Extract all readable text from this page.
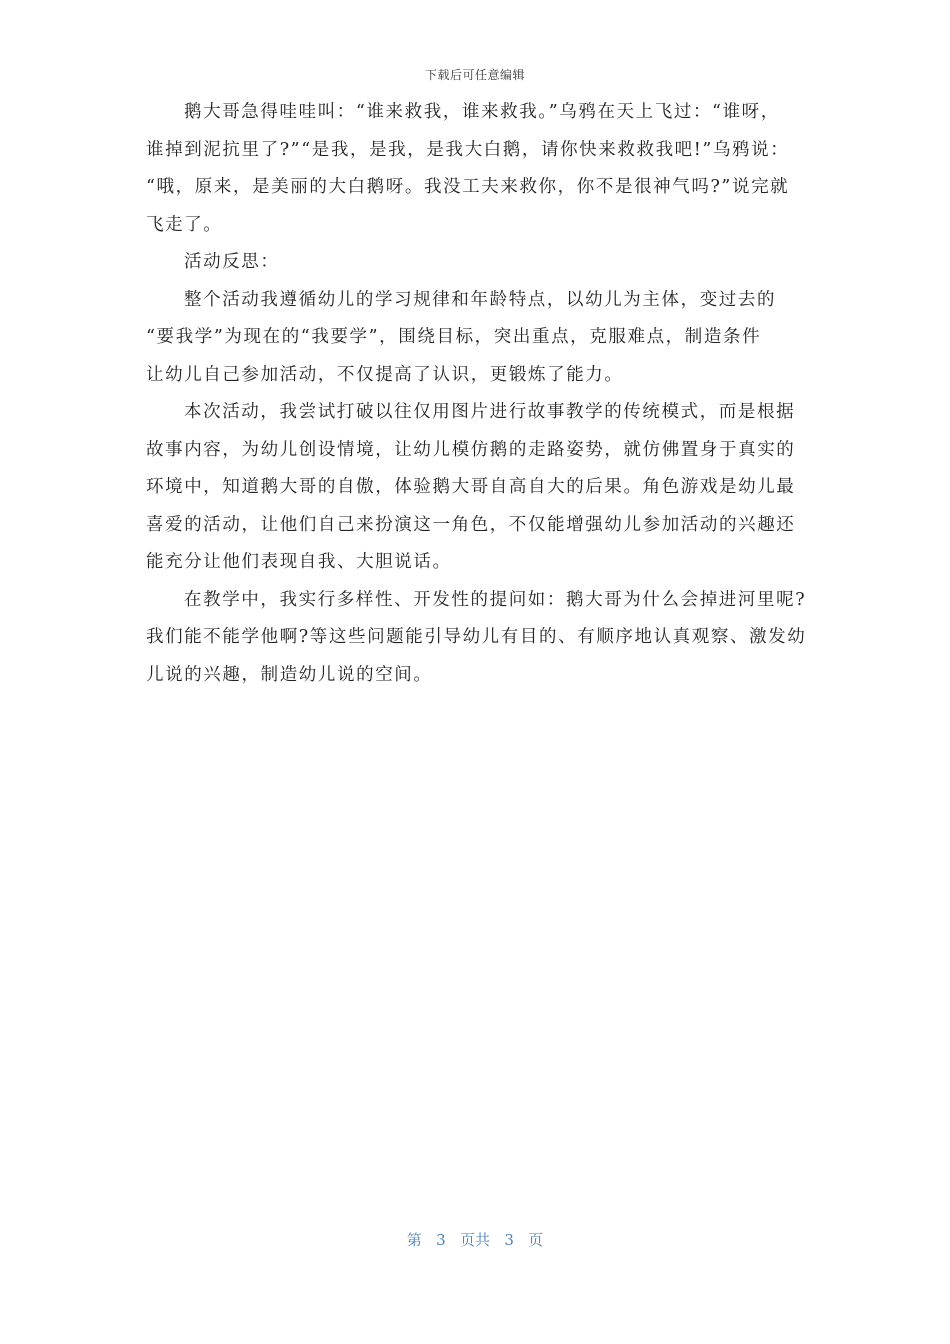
下载后可任意编辑

鹅大哥急得哇哇叫：“谁来救我，谁来救我。”乌鸦在天上飞过：“谁呀，
谁掉到泥抗里了?”“是我，是我，是我大白鹅，请你快来救救我吧!”乌鸦说：
“哦，原来，是美丽的大白鹅呀。我没工夫来救你，你不是很神气吗?”说完就
飞走了。

活动反思：

整个活动我遵循幼儿的学习规律和年龄特点，以幼儿为主体，变过去的
“要我学”为现在的“我要学”，围绕目标，突出重点，克服难点，制造条件
让幼儿自己参加活动，不仅提高了认识，更锻炼了能力。

本次活动，我尝试打破以往仅用图片进行故事教学的传统模式，而是根据
故事内容，为幼儿创设情境，让幼儿模仿鹅的走路姿势，就仿佛置身于真实的
环境中，知道鹅大哥的自傲，体验鹅大哥自高自大的后果。角色游戏是幼儿最
喜爱的活动，让他们自己来扮演这一角色，不仅能增强幼儿参加活动的兴趣还
能充分让他们表现自我、大胆说话。

在教学中，我实行多样性、开发性的提问如：鹅大哥为什么会掉进河里呢?
我们能不能学他啊?等这些问题能引导幼儿有目的、有顺序地认真观察、激发幼
儿说的兴趣，制造幼儿说的空间。

第 3 页共 3 页
